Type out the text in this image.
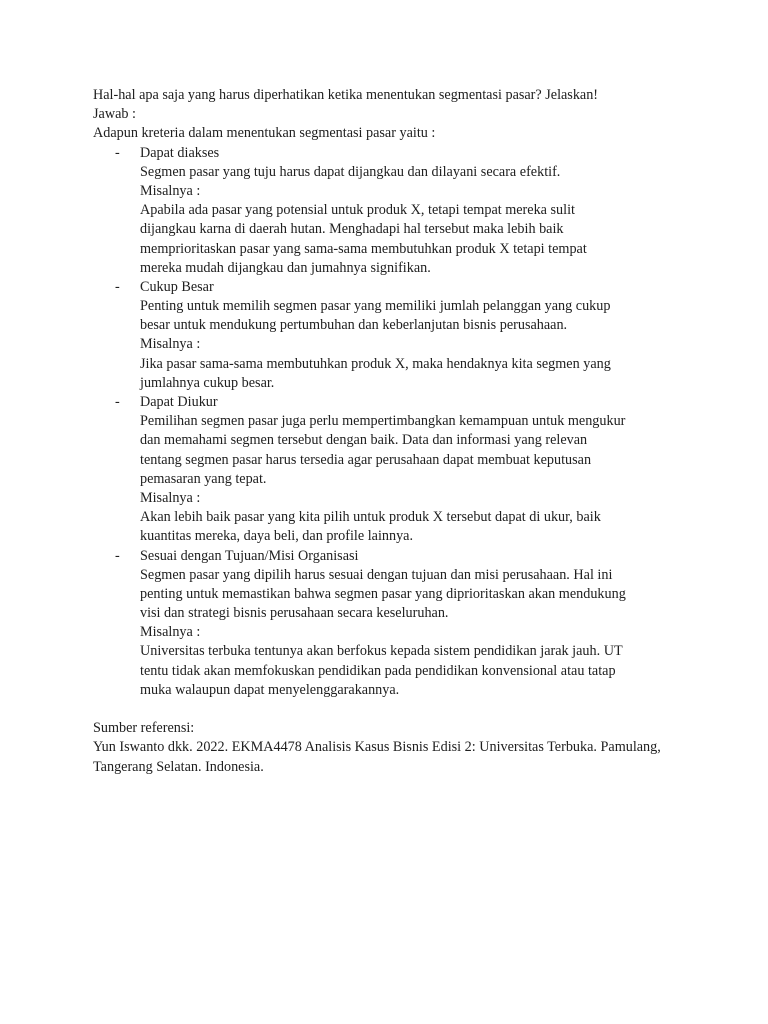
Hal-hal apa saja yang harus diperhatikan ketika menentukan segmentasi pasar? Jelaskan!
Jawab :
Adapun kreteria dalam menentukan segmentasi pasar yaitu :
- Dapat diakses
Segmen pasar yang tuju harus dapat dijangkau dan dilayani secara efektif.
Misalnya :
Apabila ada pasar yang potensial untuk produk X, tetapi tempat mereka sulit
dijangkau karna di daerah hutan. Menghadapi hal tersebut maka lebih baik
memprioritaskan pasar yang sama-sama membutuhkan produk X tetapi tempat
mereka mudah dijangkau dan jumahnya signifikan.
- Cukup Besar
Penting untuk memilih segmen pasar yang memiliki jumlah pelanggan yang cukup
besar untuk mendukung pertumbuhan dan keberlanjutan bisnis perusahaan.
Misalnya :
Jika pasar sama-sama membutuhkan produk X, maka hendaknya kita segmen yang
jumlahnya cukup besar.
- Dapat Diukur
Pemilihan segmen pasar juga perlu mempertimbangkan kemampuan untuk mengukur
dan memahami segmen tersebut dengan baik. Data dan informasi yang relevan
tentang segmen pasar harus tersedia agar perusahaan dapat membuat keputusan
pemasaran yang tepat.
Misalnya :
Akan lebih baik pasar yang kita pilih untuk produk X tersebut dapat di ukur, baik
kuantitas mereka, daya beli, dan profile lainnya.
- Sesuai dengan Tujuan/Misi Organisasi
Segmen pasar yang dipilih harus sesuai dengan tujuan dan misi perusahaan. Hal ini
penting untuk memastikan bahwa segmen pasar yang diprioritaskan akan mendukung
visi dan strategi bisnis perusahaan secara keseluruhan.
Misalnya :
Universitas terbuka tentunya akan berfokus kepada sistem pendidikan jarak jauh. UT
tentu tidak akan memfokuskan pendidikan pada pendidikan konvensional atau tatap
muka walaupun dapat menyelenggarakannya.
Sumber referensi:
Yun Iswanto dkk. 2022. EKMA4478 Analisis Kasus Bisnis Edisi 2: Universitas Terbuka. Pamulang,
Tangerang Selatan. Indonesia.
